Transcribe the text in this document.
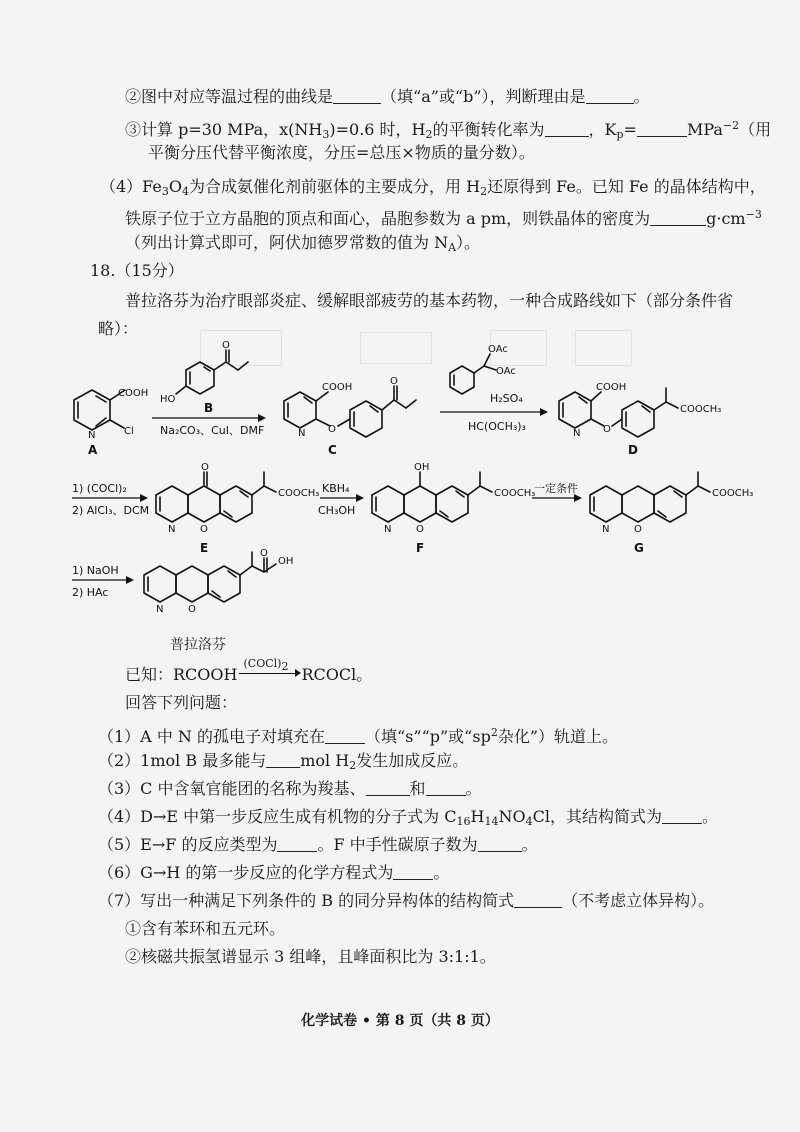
②图中对应等温过程的曲线是	（填“a”或“b”），判断理由是	。
③计算 p=30 MPa，$x(NH_3)=0.6$ 时，$H_2$的平衡转化率为	，$K_p=$	MPa$^{-2}$（用
平衡分压代替平衡浓度，分压=总压×物质的量分数）。
$(4)Fe_3O_4$为合成氨催化剂前驱体的主要成分，用 $H_2$还原得到 Fe。已知 Fe 的晶体结构中，
铁原子位于立方晶胞的顶点和面心，晶胞参数为 a pm，则铁晶体的密度为	$g\cdot cm^{-3}$
（列出计算式即可，阿伏加德罗常数的值为 $N_A$）。
18.（15分）
普拉洛芬为治疗眼部炎症、缓解眼部疲劳的基本药物，一种合成路线如下（部分条件省
略）：
COOH
Cl
N
A
O
HO
B
Na₂CO₃、CuI、DMF
COOH
O
O
N
C
OAc
OAc
H₂SO₄
HC(OCH₃)₃
COOH
O
COOCH₃
N
D
1) (COCl)₂
2) AlCl₃、DCM
O
O
N
COOCH₃
E
KBH₄
CH₃OH
OH
O
N
COOCH₃
F
一定条件
O
N
COOCH₃
G
1) NaOH
2) HAc
O
N
O
OH
普拉洛芬
已知：RCOOH
(COCl)2 RCOCl。
回答下列问题：
（1）A 中 N 的孤电子对填充在	（填“s”“p”或“$sp^2$杂化”）轨道上。
（2）1mol B 最多能与 mol $H_2$发生加成反应。
（3）C 中含氧官能团的名称为羧基、	和	。
（4）D→E 中第一步反应生成有机物的分子式为 $C_{16}H_{14}NO_4Cl$，其结构简式为	。
（5）E→F 的反应类型为	。F 中手性碳原子数为	。
（6）G→H 的第一步反应的化学方程式为	。
（7）写出一种满足下列条件的 B 的同分异构体的结构简式	（不考虑立体异构）。
①含有苯环和五元环。
②核磁共振氢谱显示 3 组峰，且峰面积比为 3:1:1。
化学试卷 • 第 8 页（共 8 页）
